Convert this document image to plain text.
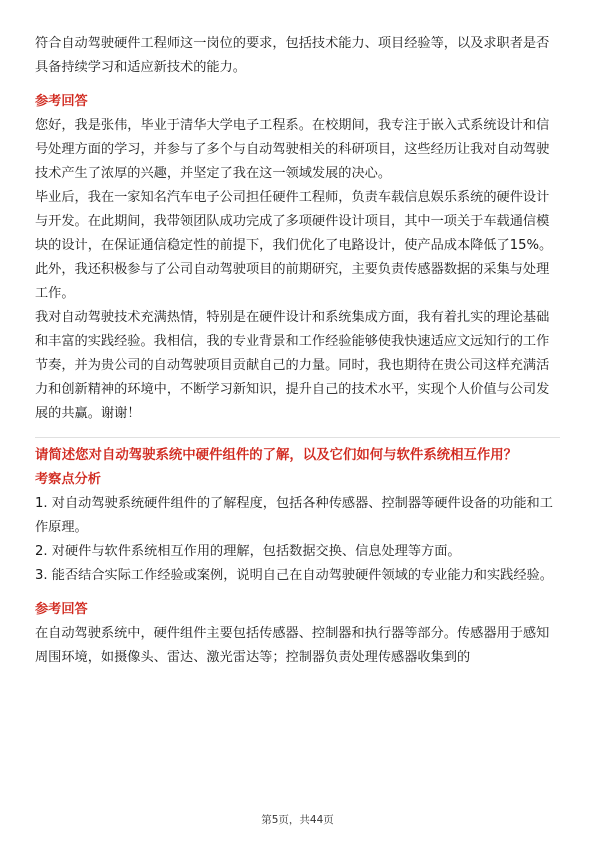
符合自动驾驶硬件工程师这一岗位的要求，包括技术能力、项目经验等，以及求职者是否具备持续学习和适应新技术的能力。

参考回答

您好，我是张伟，毕业于清华大学电子工程系。在校期间，我专注于嵌入式系统设计和信号处理方面的学习，并参与了多个与自动驾驶相关的科研项目，这些经历让我对自动驾驶技术产生了浓厚的兴趣，并坚定了我在这一领域发展的决心。

毕业后，我在一家知名汽车电子公司担任硬件工程师，负责车载信息娱乐系统的硬件设计与开发。在此期间，我带领团队成功完成了多项硬件设计项目，其中一项关于车载通信模块的设计，在保证通信稳定性的前提下，我们优化了电路设计，使产品成本降低了15%。此外，我还积极参与了公司自动驾驶项目的前期研究，主要负责传感器数据的采集与处理工作。

我对自动驾驶技术充满热情，特别是在硬件设计和系统集成方面，我有着扎实的理论基础和丰富的实践经验。我相信，我的专业背景和工作经验能够使我快速适应文远知行的工作节奏，并为贵公司的自动驾驶项目贡献自己的力量。同时，我也期待在贵公司这样充满活力和创新精神的环境中，不断学习新知识，提升自己的技术水平，实现个人价值与公司发展的共赢。谢谢！

请简述您对自动驾驶系统中硬件组件的了解，以及它们如何与软件系统相互作用？

考察点分析

1. 对自动驾驶系统硬件组件的了解程度，包括各种传感器、控制器等硬件设备的功能和工作原理。

2. 对硬件与软件系统相互作用的理解，包括数据交换、信息处理等方面。

3. 能否结合实际工作经验或案例，说明自己在自动驾驶硬件领域的专业能力和实践经验。

参考回答

在自动驾驶系统中，硬件组件主要包括传感器、控制器和执行器等部分。传感器用于感知周围环境，如摄像头、雷达、激光雷达等；控制器负责处理传感器收集到的

第5页，共44页
